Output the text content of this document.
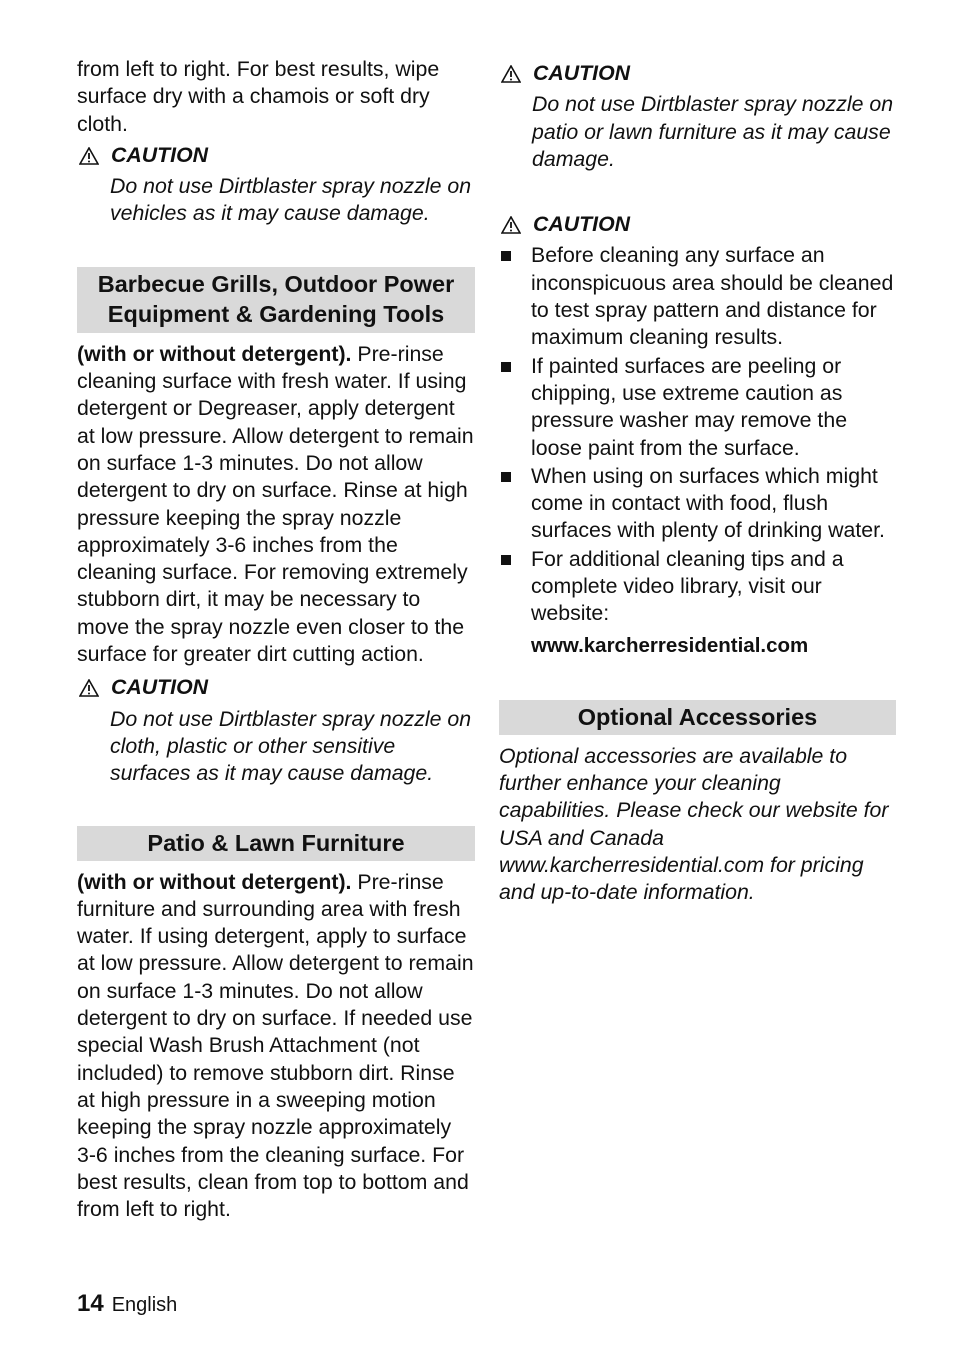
from left to right. For best results, wipe surface dry with a chamois or soft dry cloth.

CAUTION

Do not use Dirtblaster spray nozzle on vehicles as it may cause damage.

Barbecue Grills, Outdoor Power Equipment & Gardening Tools

(with or without detergent). Pre-rinse cleaning surface with fresh water. If using detergent or Degreaser, apply detergent at low pressure. Allow detergent to remain on surface 1-3 minutes. Do not allow detergent to dry on surface. Rinse at high pressure keeping the spray nozzle approximately 3-6 inches from the cleaning surface. For removing extremely stubborn dirt, it may be necessary to move the spray nozzle even closer to the surface for greater dirt cutting action.

CAUTION

Do not use Dirtblaster spray nozzle on cloth, plastic or other sensitive surfaces as it may cause damage.

Patio & Lawn Furniture

(with or without detergent). Pre-rinse furniture and surrounding area with fresh water. If using detergent, apply to surface at low pressure. Allow detergent to remain on surface 1-3 minutes. Do not allow detergent to dry on surface. If needed use special Wash Brush Attachment (not included) to remove stubborn dirt. Rinse at high pressure in a sweeping motion keeping the spray nozzle approximately 3-6 inches from the cleaning surface. For best results, clean from top to bottom and from left to right.

CAUTION

Do not use Dirtblaster spray nozzle on patio or lawn furniture as it may cause damage.

CAUTION
Before cleaning any surface an inconspicuous area should be cleaned to test spray pattern and distance for maximum cleaning results.
If painted surfaces are peeling or chipping, use extreme caution as pressure washer may remove the loose paint from the surface.
When using on surfaces which might come in contact with food, flush surfaces with plenty of drinking water.
For additional cleaning tips and a complete video library, visit our website:
www.karcherresidential.com
Optional Accessories

Optional accessories are available to further enhance your cleaning capabilities. Please check our website for USA and Canada www.karcherresidential.com for pricing and up-to-date information.

14 English
